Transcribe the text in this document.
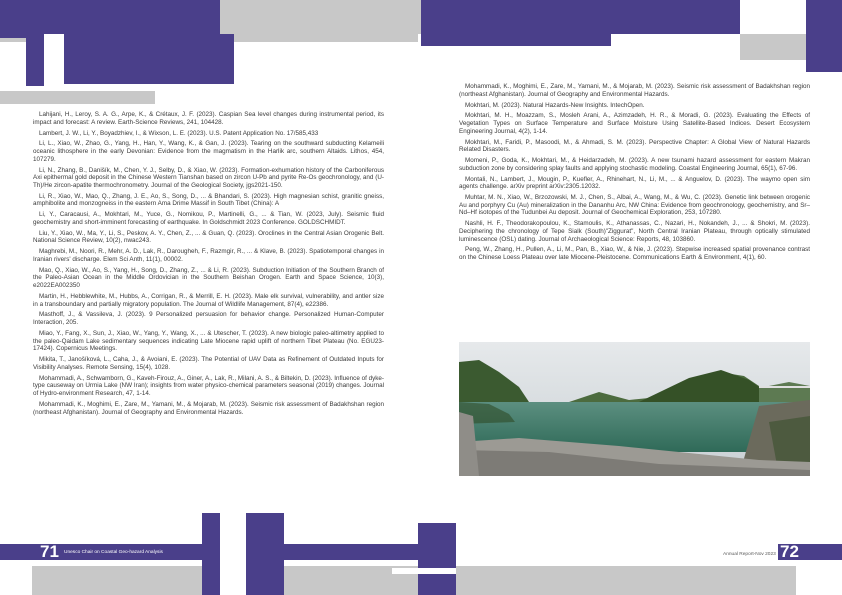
Lahijani, H., Leroy, S. A. G., Arpe, K., & Crétaux, J. F. (2023). Caspian Sea level changes during instrumental period, its impact and forecast: A review. Earth-Science Reviews, 241, 104428.

Lambert, J. W., Li, Y., Boyadzhiev, I., & Wixson, L. E. (2023). U.S. Patent Application No. 17/585,433

Li, L., Xiao, W., Zhao, G., Yang, H., Han, Y., Wang, K., & Gan, J. (2023). Tearing on the southward subducting Kelameili oceanic lithosphere in the early Devonian: Evidence from the magmatism in the Harlik arc, southern Altaids. Lithos, 454, 107279.

Li, N., Zhang, B., Danišík, M., Chen, Y. J., Selby, D., & Xiao, W. (2023). Formation-exhumation history of the Carboniferous Axi epithermal gold deposit in the Chinese Western Tianshan based on zircon U-Pb and pyrite Re-Os geochronology, and (U-Th)/He zircon-apatite thermochronometry. Journal of the Geological Society, jgs2021-150.

Li, R., Xiao, W., Mao, Q., Zhang, J. E., Ao, S., Song, D., ... & Bhandari, S. (2023). High magnesian schist, granitic gneiss, amphibolite and monzogneiss in the eastern Ama Drime Massif in South Tibet (China): A

Li, Y., Caracausi, A., Mokhtari, M., Yuce, G., Nomikou, P., Martinelli, G., ... & Tian, W. (2023, July). Seismic fluid geochemistry and short-imminent forecasting of earthquake. In Goldschmidt 2023 Conference. GOLDSCHMIDT.

Liu, Y., Xiao, W., Ma, Y., Li, S., Peskov, A. Y., Chen, Z., ... & Guan, Q. (2023). Oroclines in the Central Asian Orogenic Belt. National Science Review, 10(2), nwac243.

Maghrebi, M., Noori, R., Mehr, A. D., Lak, R., Darougheh, F., Razmgir, R., ... & Klave, B. (2023). Spatiotemporal changes in Iranian rivers' discharge. Elem Sci Anth, 11(1), 00002.

Mao, Q., Xiao, W., Ao, S., Yang, H., Song, D., Zhang, Z., ... & Li, R. (2023). Subduction Initiation of the Southern Branch of the Paleo-Asian Ocean in the Middle Ordovician in the Southern Beishan Orogen. Earth and Space Science, 10(3), e2022EA002350

Martin, H., Hebblewhite, M., Hubbs, A., Corrigan, R., & Merrill, E. H. (2023). Male elk survival, vulnerability, and antler size in a transboundary and partially migratory population. The Journal of Wildlife Management, 87(4), e22386.

Masthoff, J., & Vassileva, J. (2023). 9 Personalized persuasion for behavior change. Personalized Human-Computer Interaction, 205.

Miao, Y., Fang, X., Sun, J., Xiao, W., Yang, Y., Wang, X., ... & Utescher, T. (2023). A new biologic paleo-altimetry applied to the paleo-Qaidam Lake sedimentary sequences indicating Late Miocene rapid uplift of northern Tibet Plateau (No. EGU23-17424). Copernicus Meetings.

Mikita, T., Janošíková, L., Caha, J., & Avoiani, E. (2023). The Potential of UAV Data as Refinement of Outdated Inputs for Visibility Analyses. Remote Sensing, 15(4), 1028.

Mohammadi, A., Schwamborn, G., Kaveh-Firouz, A., Giner, A., Lak, R., Milani, A. S., & Biltekin, D. (2023). Influence of dyke-type causeway on Urmia Lake (NW Iran); insights from water physico-chemical parameters seasonal (2019) changes. Journal of Hydro-environment Research, 47, 1-14.

Mohammadi, K., Moghimi, E., Zare, M., Yamani, M., & Mojarab, M. (2023). Seismic risk assessment of Badakhshan region (northeast Afghanistan). Journal of Geography and Environmental Hazards.

Mohammadi, K., Moghimi, E., Zare, M., Yamani, M., & Mojarab, M. (2023). Seismic risk assessment of Badakhshan region (northeast Afghanistan). Journal of Geography and Environmental Hazards.

Mokhtari, M. (2023). Natural Hazards-New Insights. IntechOpen.

Mokhtari, M. H., Moazzam, S., Mosleh Arani, A., Azimzadeh, H. R., & Moradi, G. (2023). Evaluating the Effects of Vegetation Types on Surface Temperature and Surface Moisture Using Satellite-Based Indices. Desert Ecosystem Engineering Journal, 4(2), 1-14.

Mokhtari, M., Faridi, P., Masoodi, M., & Ahmadi, S. M. (2023). Perspective Chapter: A Global View of Natural Hazards Related Disasters.

Momeni, P., Goda, K., Mokhtari, M., & Heidarzadeh, M. (2023). A new tsunami hazard assessment for eastern Makran subduction zone by considering splay faults and applying stochastic modeling. Coastal Engineering Journal, 65(1), 67-96.

Montali, N., Lambert, J., Mougin, P., Kuefler, A., Rhinehart, N., Li, M., ... & Anguelov, D. (2023). The waymo open sim agents challenge. arXiv preprint arXiv:2305.12032.

Muhtar, M. N., Xiao, W., Brzozowski, M. J., Chen, S., Albai, A., Wang, M., & Wu, C. (2023). Genetic link between orogenic Au and porphyry Cu (Au) mineralization in the Dananhu Arc, NW China: Evidence from geochronology, geochemistry, and Sr–Nd–Hf isotopes of the Tudunbei Au deposit. Journal of Geochemical Exploration, 253, 107280.

Nashli, H. F., Theodorakopoulou, K., Stamoulis, K., Athanassas, C., Nazari, H., Nokandeh, J., ... & Shokri, M. (2023). Deciphering the chronology of Tepe Sialk (South)"Ziggurat", North Central Iranian Plateau, through optically stimulated luminescence (OSL) dating. Journal of Archaeological Science: Reports, 48, 103860.

Peng, W., Zhang, H., Pullen, A., Li, M., Pan, B., Xiao, W., & Nie, J. (2023). Stepwise increased spatial provenance contrast on the Chinese Loess Plateau over late Miocene-Pleistocene. Communications Earth & Environment, 4(1), 60.

71 Unesco Chair on Coastal Geo-hazard Analysis	72
Annual Report-Nov 2023
